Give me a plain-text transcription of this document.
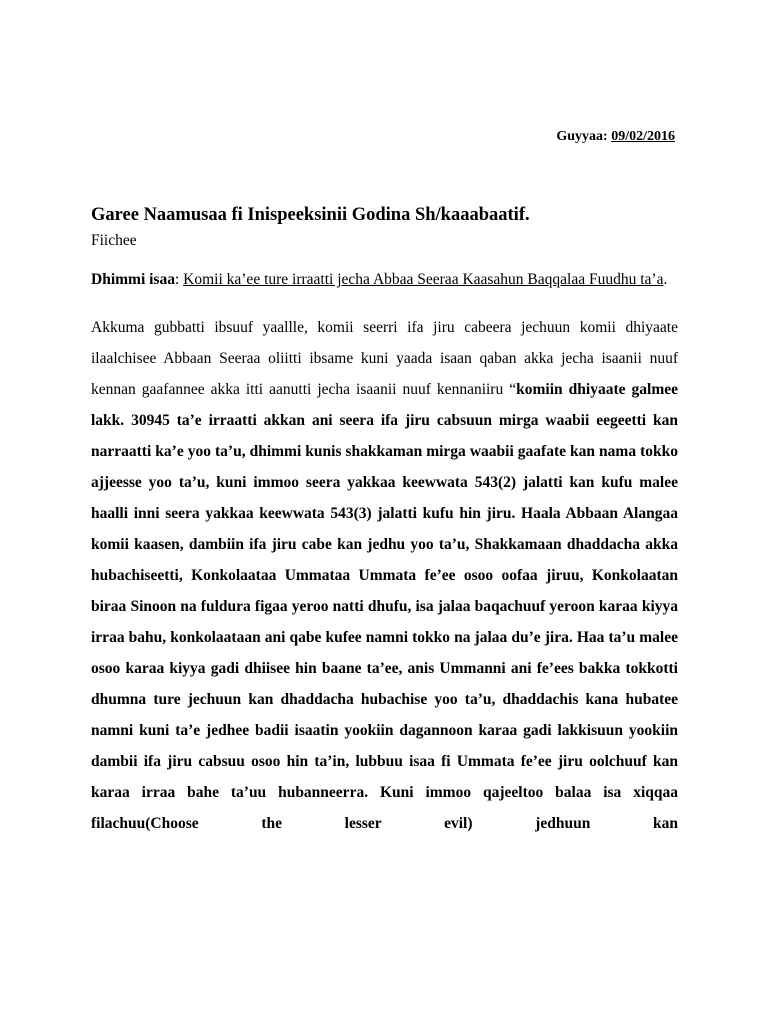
Guyyaa: 09/02/2016
Garee Naamusaa fi Inispeeksinii Godina Sh/kaaabaatif.
Fiichee

Dhimmi isaa: Komii ka’ee ture irraatti jecha Abbaa Seeraa Kaasahun Baqqalaa Fuudhu ta’a.

Akkuma gubbatti ibsuuf yaallle, komii seerri ifa jiru cabeera jechuun komii dhiyaate ilaalchisee Abbaan Seeraa oliitti ibsame kuni yaada isaan qaban akka jecha isaanii nuuf kennan gaafannee akka itti aanutti jecha isaanii nuuf kennaniiru “komiin dhiyaate galmee lakk. 30945 ta’e irraatti akkan ani seera ifa jiru cabsuun mirga waabii eegeetti kan narraatti ka’e yoo ta’u, dhimmi kunis shakkaman mirga waabii gaafate kan nama tokko ajjeesse yoo ta’u, kuni immoo seera yakkaa keewwata 543(2) jalatti kan kufu malee haalli inni seera yakkaa keewwata 543(3) jalatti kufu hin jiru. Haala Abbaan Alangaa komii kaasen, dambiin ifa jiru cabe kan jedhu yoo ta’u, Shakkamaan dhaddacha akka hubachiseetti, Konkolaataa Ummataa Ummata fe’ee osoo oofaa jiruu, Konkolaatan biraa Sinoon na fuldura figaa yeroo natti dhufu, isa jalaa baqachuuf yeroon karaa kiyya irraa bahu, konkolaataan ani qabe kufee namni tokko na jalaa du’e jira. Haa ta’u malee osoo karaa kiyya gadi dhiisee hin baane ta’ee, anis Ummanni ani fe’ees bakka tokkotti dhumna ture jechuun kan dhaddacha hubachise yoo ta’u, dhaddachis kana hubatee namni kuni ta’e jedhee badii isaatin yookiin dagannoon karaa gadi lakkisuun yookiin dambii ifa jiru cabsuu osoo hin ta’in, lubbuu isaa fi Ummata fe’ee jiru oolchuuf kan karaa irraa bahe ta’uu hubanneerra. Kuni immoo qajeeltoo balaa isa xiqqaa filachuu(Choose the lesser evil) jedhuun kan
